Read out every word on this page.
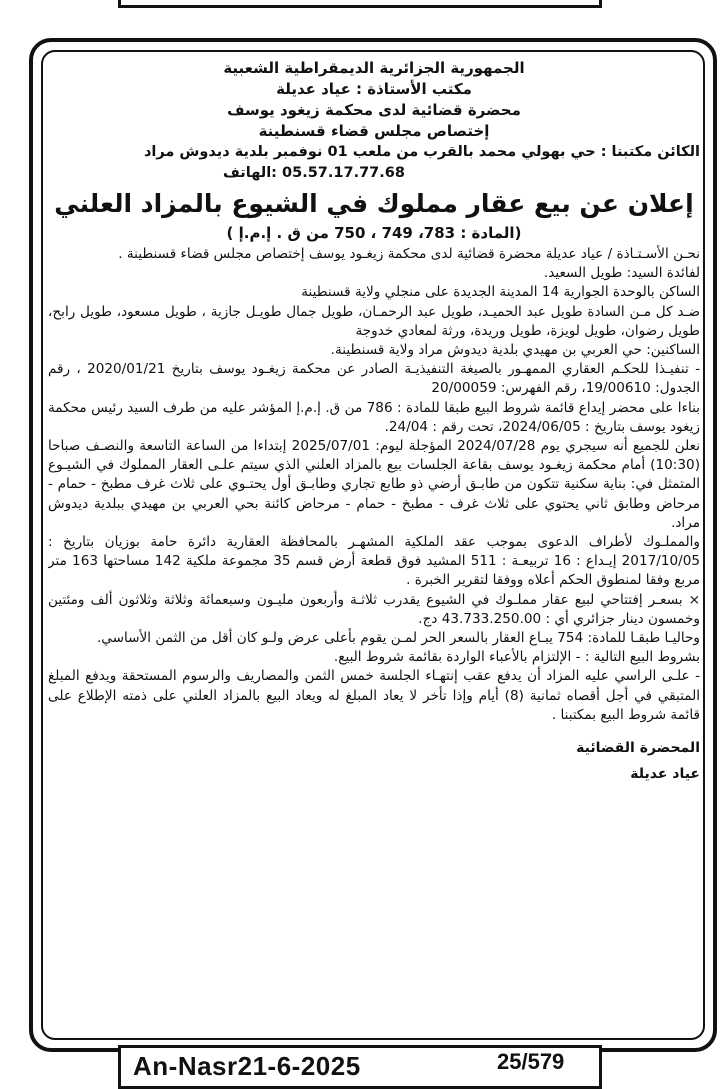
الجمهورية الجزائرية الديمقراطية الشعبية
مكتب الأستاذة : عياد عديلة
محضرة قضائية لدى محكمة زيغود يوسف
إختصاص مجلس قضاء قسنطينة
الكائن مكتبنا : حي بهولي محمد بالقرب من ملعب 01 نوفمبر بلدية ديدوش مراد
05.57.17.77.68 :الهاتف
إعلان عن بيع عقار مملوك في الشيوع بالمزاد العلني
(المادة : 783، 749 ، 750 من ق . إ.م.إ )

نحـن الأسـتـاذة / عياد عديلة محضرة قضائية لدى محكمة زيغـود يوسف إختصاص مجلس قضاء قسنطينة .

لفائدة السيد: طويل السعيد.

الساكن بالوحدة الجوارية 14 المدينة الجديدة على منجلي ولاية قسنطينة

ضـد كل مـن السادة طويل عبد الحميـد، طويل عبد الرحمـان، طويل جمال طويـل جازية ، طويل مسعود، طويل رابح، طويل رضوان، طويل لويزة، طويل وريدة، ورثة لمعادي خدوجة

الساكنين: حي العربي بن مهيدي بلدية ديدوش مراد ولاية قسنطينة.

- تنفيـذا للحكـم العقاري الممهـور بالصيغة التنفيذيـة الصادر عن محكمة زيغـود يوسف بتاريخ 2020/01/21 ، رقم الجدول: 19/00610، رقم الفهرس: 20/00059

بناءا على محضر إيداع قائمة شروط البيع طبقا للمادة : 786 من ق. إ.م.إ المؤشر عليه من طرف السيد رئيس محكمة زيغود يوسف بتاريخ : 2024/06/05، تحت رقم : 24/04.

نعلن للجميع أنه سيجري يوم 2024/07/28 المؤجلة ليوم: 2025/07/01 إبتداءا من الساعة التاسعة والنصـف صباحا (10:30) أمام محكمة زيغـود يوسف بقاعة الجلسات بيع بالمزاد العلني الذي سيتم علـى العقار المملوك في الشيـوع المتمثل في: بناية سكنية تتكون من طابـق أرضي ذو طابع تجاري وطابـق أول يحتـوي على ثلاث غرف مطبخ - حمام - مرحاض وطابق ثاني يحتوي على ثلاث غرف - مطبخ - حمام - مرحاض كائنة بحي العربي بن مهيدي ببلدية ديدوش مراد.

والمملـوك لأطراف الدعوى بموجب عقد الملكية المشهـر بالمحافظة العقارية دائرة حامة بوزيان بتاريخ : 2017/10/05 إيـداع : 16 تربيعـة : 511 المشيد فوق قطعة أرض قسم 35 مجموعة ملكية 142 مساحتها 163 متر مربع وفقا لمنطوق الحكم أعلاه ووفقا لتقرير الخبرة .

× بسعـر إفتتاحي لبيع عقار مملـوك في الشيوع يقدرب ثلاثـة وأربعون مليـون وسبعمائة وثلاثة وثلاثون ألف ومئتين وخمسون دينار جزائري أي : 43.733.250.00 دج.

وحاليـا طبقـا للمادة: 754 يبـاع العقار بالسعر الحر لمـن يقوم بأعلى عرض ولـو كان أقل من الثمن الأساسي.

بشروط البيع التالية : - الإلتزام بالأعباء الواردة بقائمة شروط البيع.

- علـى الراسي عليه المزاد أن يدفع عقب إنتهـاء الجلسة خمس الثمن والمصاريف والرسوم المستحقة ويدفع المبلغ المتبقي في أجل أقصاه ثمانية (8) أيام وإذا تأخر لا يعاد المبلغ له ويعاد البيع بالمزاد العلني على ذمته الإطلاع على قائمة شروط البيع بمكتبنا .

المحضرة القضائية
عياد عديلة
An-Nasr21-6-2025	25/579
